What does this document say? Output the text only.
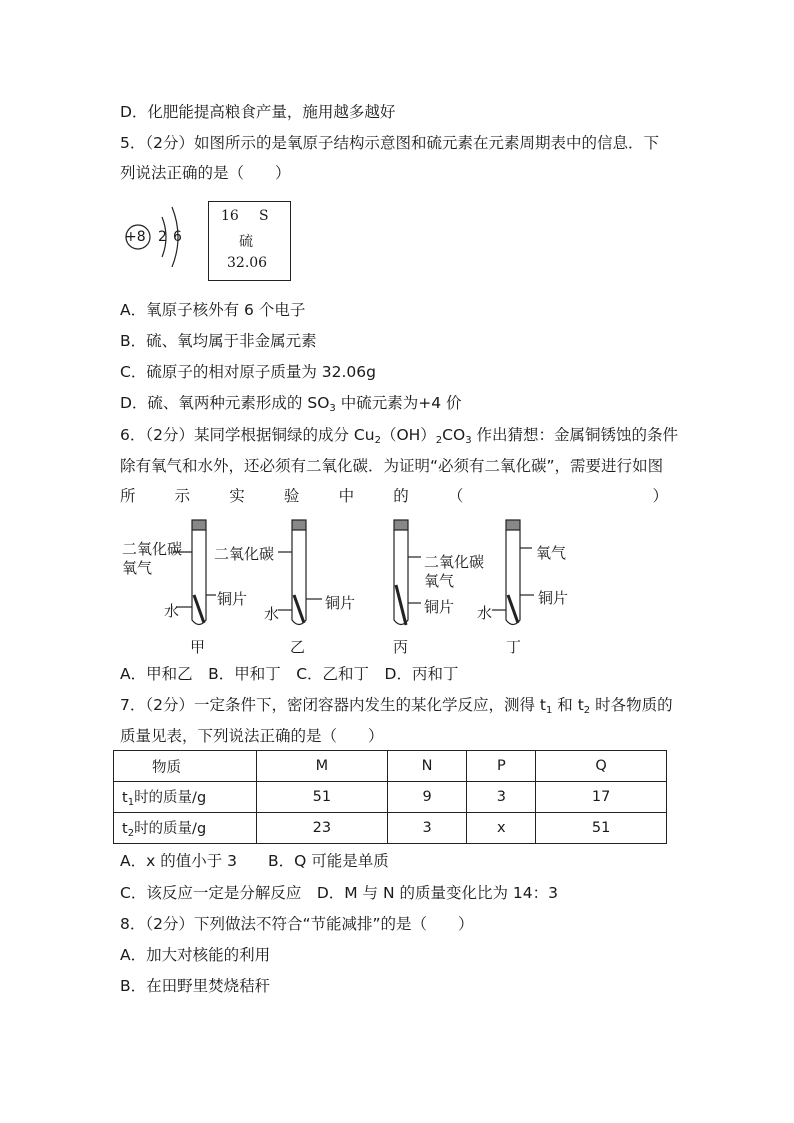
D．化肥能提高粮食产量，施用越多越好
5．（2分）如图所示的是氧原子结构示意图和硫元素在元素周期表中的信息．下
列说法正确的是（　　）
+8 2 6
16 S
硫
32.06
A．氧原子核外有 6 个电子
B．硫、氧均属于非金属元素
C．硫原子的相对原子质量为 32.06g
D．硫、氧两种元素形成的 $SO_3$ 中硫元素为+4 价
6．（2分）某同学根据铜绿的成分 $Cu_2(OH)_2CO_3$ 作出猜想：金属铜锈蚀的条件
除有氧气和水外，还必须有二氧化碳．为证明“必须有二氧化碳”，需要进行如图
所	示	实	验	中	的	（	）
二氧化碳
氧气
水
铜片
二氧化碳
水
铜片
二氧化碳
氧气
铜片
氧气
水
铜片
甲	乙	丙	丁
A．甲和乙　B．甲和丁　C．乙和丁　D．丙和丁
7．（2分）一定条件下，密闭容器内发生的某化学反应，测得 $t_1$ 和 $t_2$ 时各物质的
质量见表，下列说法正确的是（　　）
物质	M	N	P	Q
$t_1$时的质量/g	51	9	3	17
$t_2$时的质量/g	23	3	x	51
A．x 的值小于 3　　B．Q 可能是单质
C．该反应一定是分解反应　D．M 与 N 的质量变化比为 14：3
8．（2分）下列做法不符合“节能减排”的是（　　）
A．加大对核能的利用
B．在田野里焚烧秸秆
